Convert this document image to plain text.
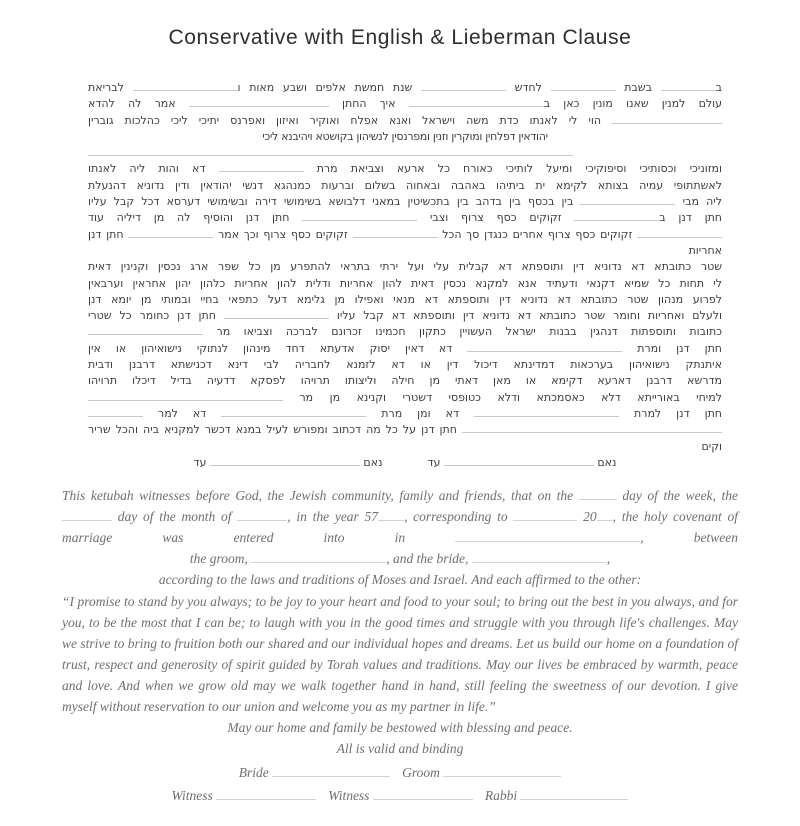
Conservative with English & Lieberman Clause
ב בשבת  לחדש  שנת חמשת אלפים ושבע מאות ו לבריאת
עולם למנין שאנו מונין כאן ב איך החתן  אמר לה להדא
הוי לי לאנתו כדת משה וישראל ואנא אפלח ואוקיר ואיזון ואפרנס יתיכי ליכי כהלכות גוברין
יהודאין דפלחין ומוקרין וזנין ומפרנסין לנשיהון בקושטא ויהיבנא ליכי
ומזוניכי וכסותיכי וסיפוקיכי ומיעל לותיכי כאורח כל ארעא וצביאת מרת  דא והות ליה לאנתו
לאשתתופי עמיה בצותא לקימא ית ביתיהו באהבה ובאחוה בשלום וברעות כמנהגא דנשי יהודאין ודין נדוניא דהנעלת
ליה מבי  בין בכסף בין בדהב בין בתכשיטין במאני דלבושא בשימושי דירה ובשימושי דערסא דכל קבל עליו
חתן דנן ב זקוקים כסף צרוף וצבי  חתן דנן והוסיף לה מן דיליה עוד
זקוקים כסף צרוף אחרים כנגדן סך הכל  זקוקים כסף צרוף וכך אמר  חתן דנן אחריות
שטר כתובתא דא נדוניא דין ותוספתא דא קבלית עלי ועל ירתי בתראי להתפרע מן כל שפר ארג נכסין וקנינין דאית
לי תחות כל שמיא דקנאי ודעתיד אנא למקנא נכסין דאית להון אחריות ודלית להון אחריות כלהון יהון אחראין וערבאין
לפרוע מנהון שטר כתובתא דא נדוניא דין ותוספתא דא מנאי ואפילו מן גלימא דעל כתפאי בחיי ובמותי מן יומא דנן
ולעלם ואחריות וחומר שטר כתובתא דא נדוניא דין ותוספתא דא קבל עליו  חתן דנן כחומר כל שטרי
כתובות ותוספתות דנהגין בבנות ישראל העשויין כתקון חכמינו זכרונם לברכה וצביאו מר
חתן דנן ומרת  דא דאין יסוק אדעתא דחד מינהון לנתוקי נישואיהון או אין
איתנתק נישואיהון בערכאות דמדינתא דיכול דין או דא לזמנא לחבריה לבי דינא דכנישתא דרבנן ודבית
מדרשא דרבנן דארעא דקימא או מאן דאתי מן חילה וליצותו תרויהו לפסקא דדעיה בדיל דיכלו תרויהו
למיחי באורייתא דלא כאסמכתא ודלא כטופסי דשטרי וקנינא מן מר
חתן דנן למרת  דא ומן מרת  דא למר
חתן דנן על כל מה דכתוב ומפורש לעיל במנא דכשר למקניא ביה והכל שריר וקים
נאם  עדנאם  עד
This ketubah witnesses before God, the Jewish community, family and friends, that on the	day of the week, the  day of the month of	, in the year 57 , corresponding to	20 , the holy covenant of marriage was entered into in	, between
the groom,	, and the bride,	,
according to the laws and traditions of Moses and Israel. And each affirmed to the other:
“I promise to stand by you always; to be joy to your heart and food to your soul; to bring out the best in you always, and for you, to be the most that I can be; to laugh with you in the good times and struggle with you through life's challenges. May we strive to bring to fruition both our shared and our individual hopes and dreams. Let us build our home on a foundation of trust, respect and generosity of spirit guided by Torah values and traditions. May our lives be embraced by warmth, peace and love. And when we grow old may we walk together hand in hand, still feeling the sweetness of our devotion. I give myself without reservation to our union and welcome you as my partner in life.”
May our home and family be bestowed with blessing and peace.
All is valid and binding
Bride	Groom
Witness	Witness	Rabbi
